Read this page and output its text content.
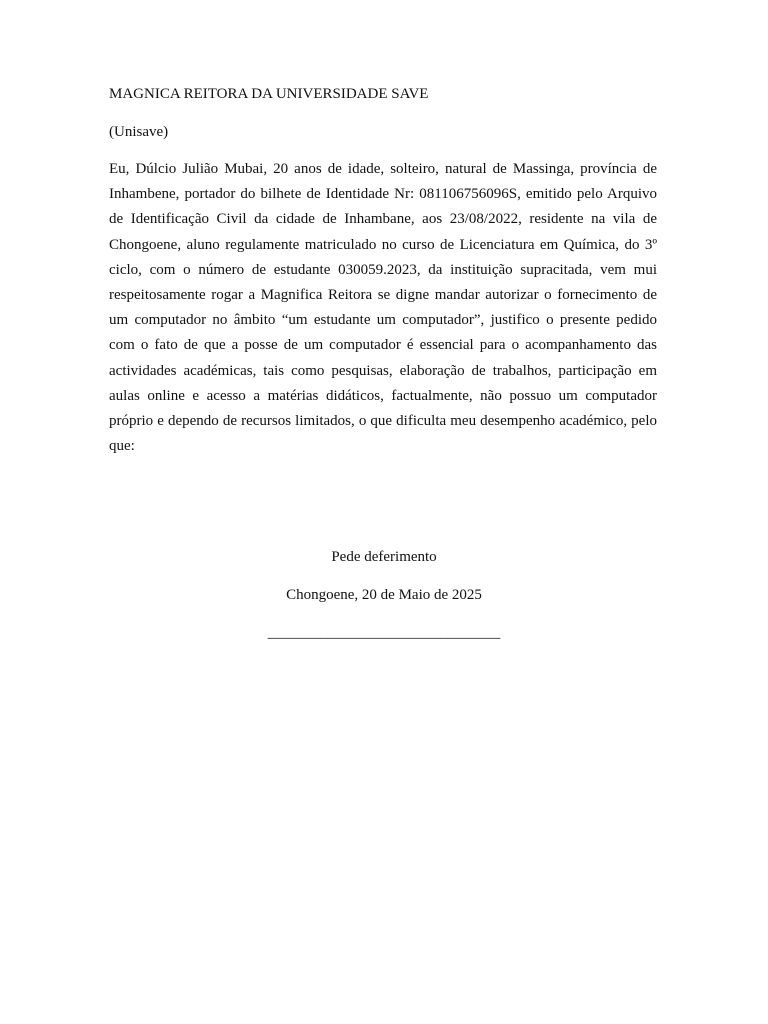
MAGNICA REITORA DA UNIVERSIDADE SAVE
(Unisave)

Eu, Dúlcio Julião Mubai, 20 anos de idade, solteiro, natural de Massinga, província de Inhambene, portador do bilhete de Identidade Nr: 081106756096S, emitido pelo Arquivo de Identificação Civil da cidade de Inhambane, aos 23/08/2022, residente na vila de Chongoene, aluno regulamente matriculado no curso de Licenciatura em Química, do 3º ciclo, com o número de estudante 030059.2023, da instituição supracitada, vem mui respeitosamente rogar a Magnifica Reitora se digne mandar autorizar o fornecimento de um computador no âmbito “um estudante um computador”, justifico o presente pedido com o fato de que a posse de um computador é essencial para o acompanhamento das actividades académicas, tais como pesquisas, elaboração de trabalhos, participação em aulas online e acesso a matérias didáticos, factualmente, não possuo um computador próprio e dependo de recursos limitados, o que dificulta meu desempenho académico, pelo que:

Pede deferimento
Chongoene, 20 de Maio de 2025
_______________________________
